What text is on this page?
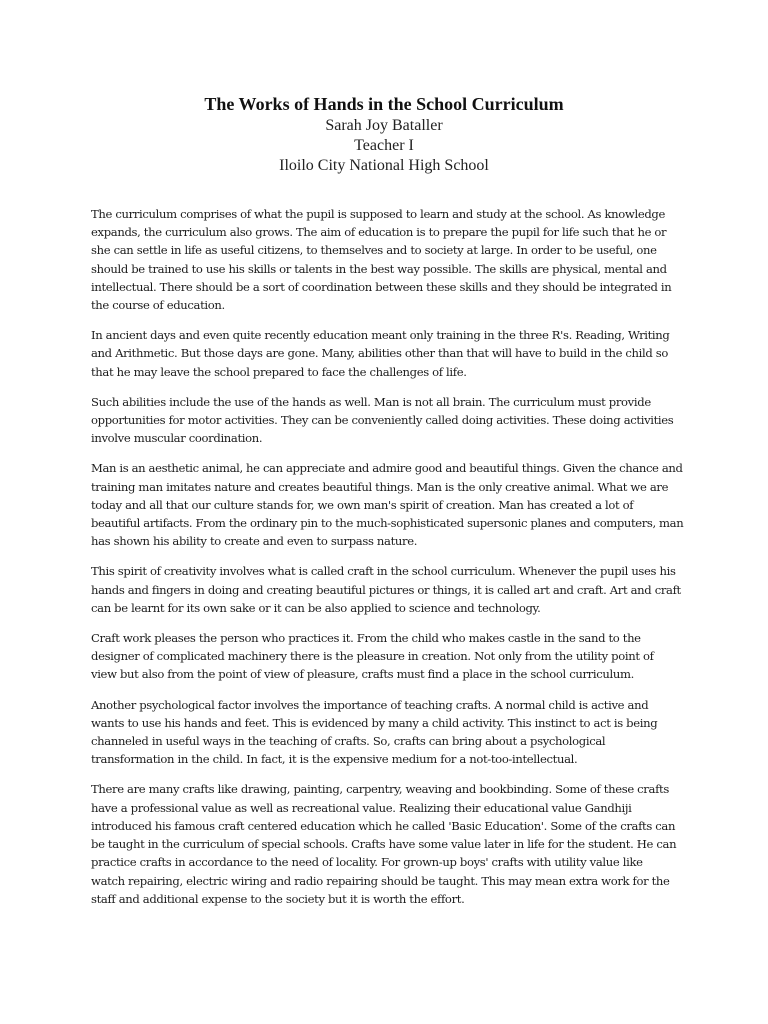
The Works of Hands in the School Curriculum

Sarah Joy Bataller

Teacher I

Iloilo City National High School

The curriculum comprises of what the pupil is supposed to learn and study at the school. As knowledge
expands, the curriculum also grows. The aim of education is to prepare the pupil for life such that he or
she can settle in life as useful citizens, to themselves and to society at large. In order to be useful, one
should be trained to use his skills or talents in the best way possible. The skills are physical, mental and
intellectual. There should be a sort of coordination between these skills and they should be integrated in
the course of education.

In ancient days and even quite recently education meant only training in the three R's. Reading, Writing
and Arithmetic. But those days are gone. Many, abilities other than that will have to build in the child so
that he may leave the school prepared to face the challenges of life.

Such abilities include the use of the hands as well. Man is not all brain. The curriculum must provide
opportunities for motor activities. They can be conveniently called doing activities. These doing activities
involve muscular coordination.

Man is an aesthetic animal, he can appreciate and admire good and beautiful things. Given the chance and
training man imitates nature and creates beautiful things. Man is the only creative animal. What we are
today and all that our culture stands for, we own man's spirit of creation. Man has created a lot of
beautiful artifacts. From the ordinary pin to the much-sophisticated supersonic planes and computers, man
has shown his ability to create and even to surpass nature.

This spirit of creativity involves what is called craft in the school curriculum. Whenever the pupil uses his
hands and fingers in doing and creating beautiful pictures or things, it is called art and craft. Art and craft
can be learnt for its own sake or it can be also applied to science and technology.

Craft work pleases the person who practices it. From the child who makes castle in the sand to the
designer of complicated machinery there is the pleasure in creation. Not only from the utility point of
view but also from the point of view of pleasure, crafts must find a place in the school curriculum.

Another psychological factor involves the importance of teaching crafts. A normal child is active and
wants to use his hands and feet. This is evidenced by many a child activity. This instinct to act is being
channeled in useful ways in the teaching of crafts. So, crafts can bring about a psychological
transformation in the child. In fact, it is the expensive medium for a not-too-intellectual.

There are many crafts like drawing, painting, carpentry, weaving and bookbinding. Some of these crafts
have a professional value as well as recreational value. Realizing their educational value Gandhiji
introduced his famous craft centered education which he called 'Basic Education'. Some of the crafts can
be taught in the curriculum of special schools. Crafts have some value later in life for the student. He can
practice crafts in accordance to the need of locality. For grown-up boys' crafts with utility value like
watch repairing, electric wiring and radio repairing should be taught. This may mean extra work for the
staff and additional expense to the society but it is worth the effort.
